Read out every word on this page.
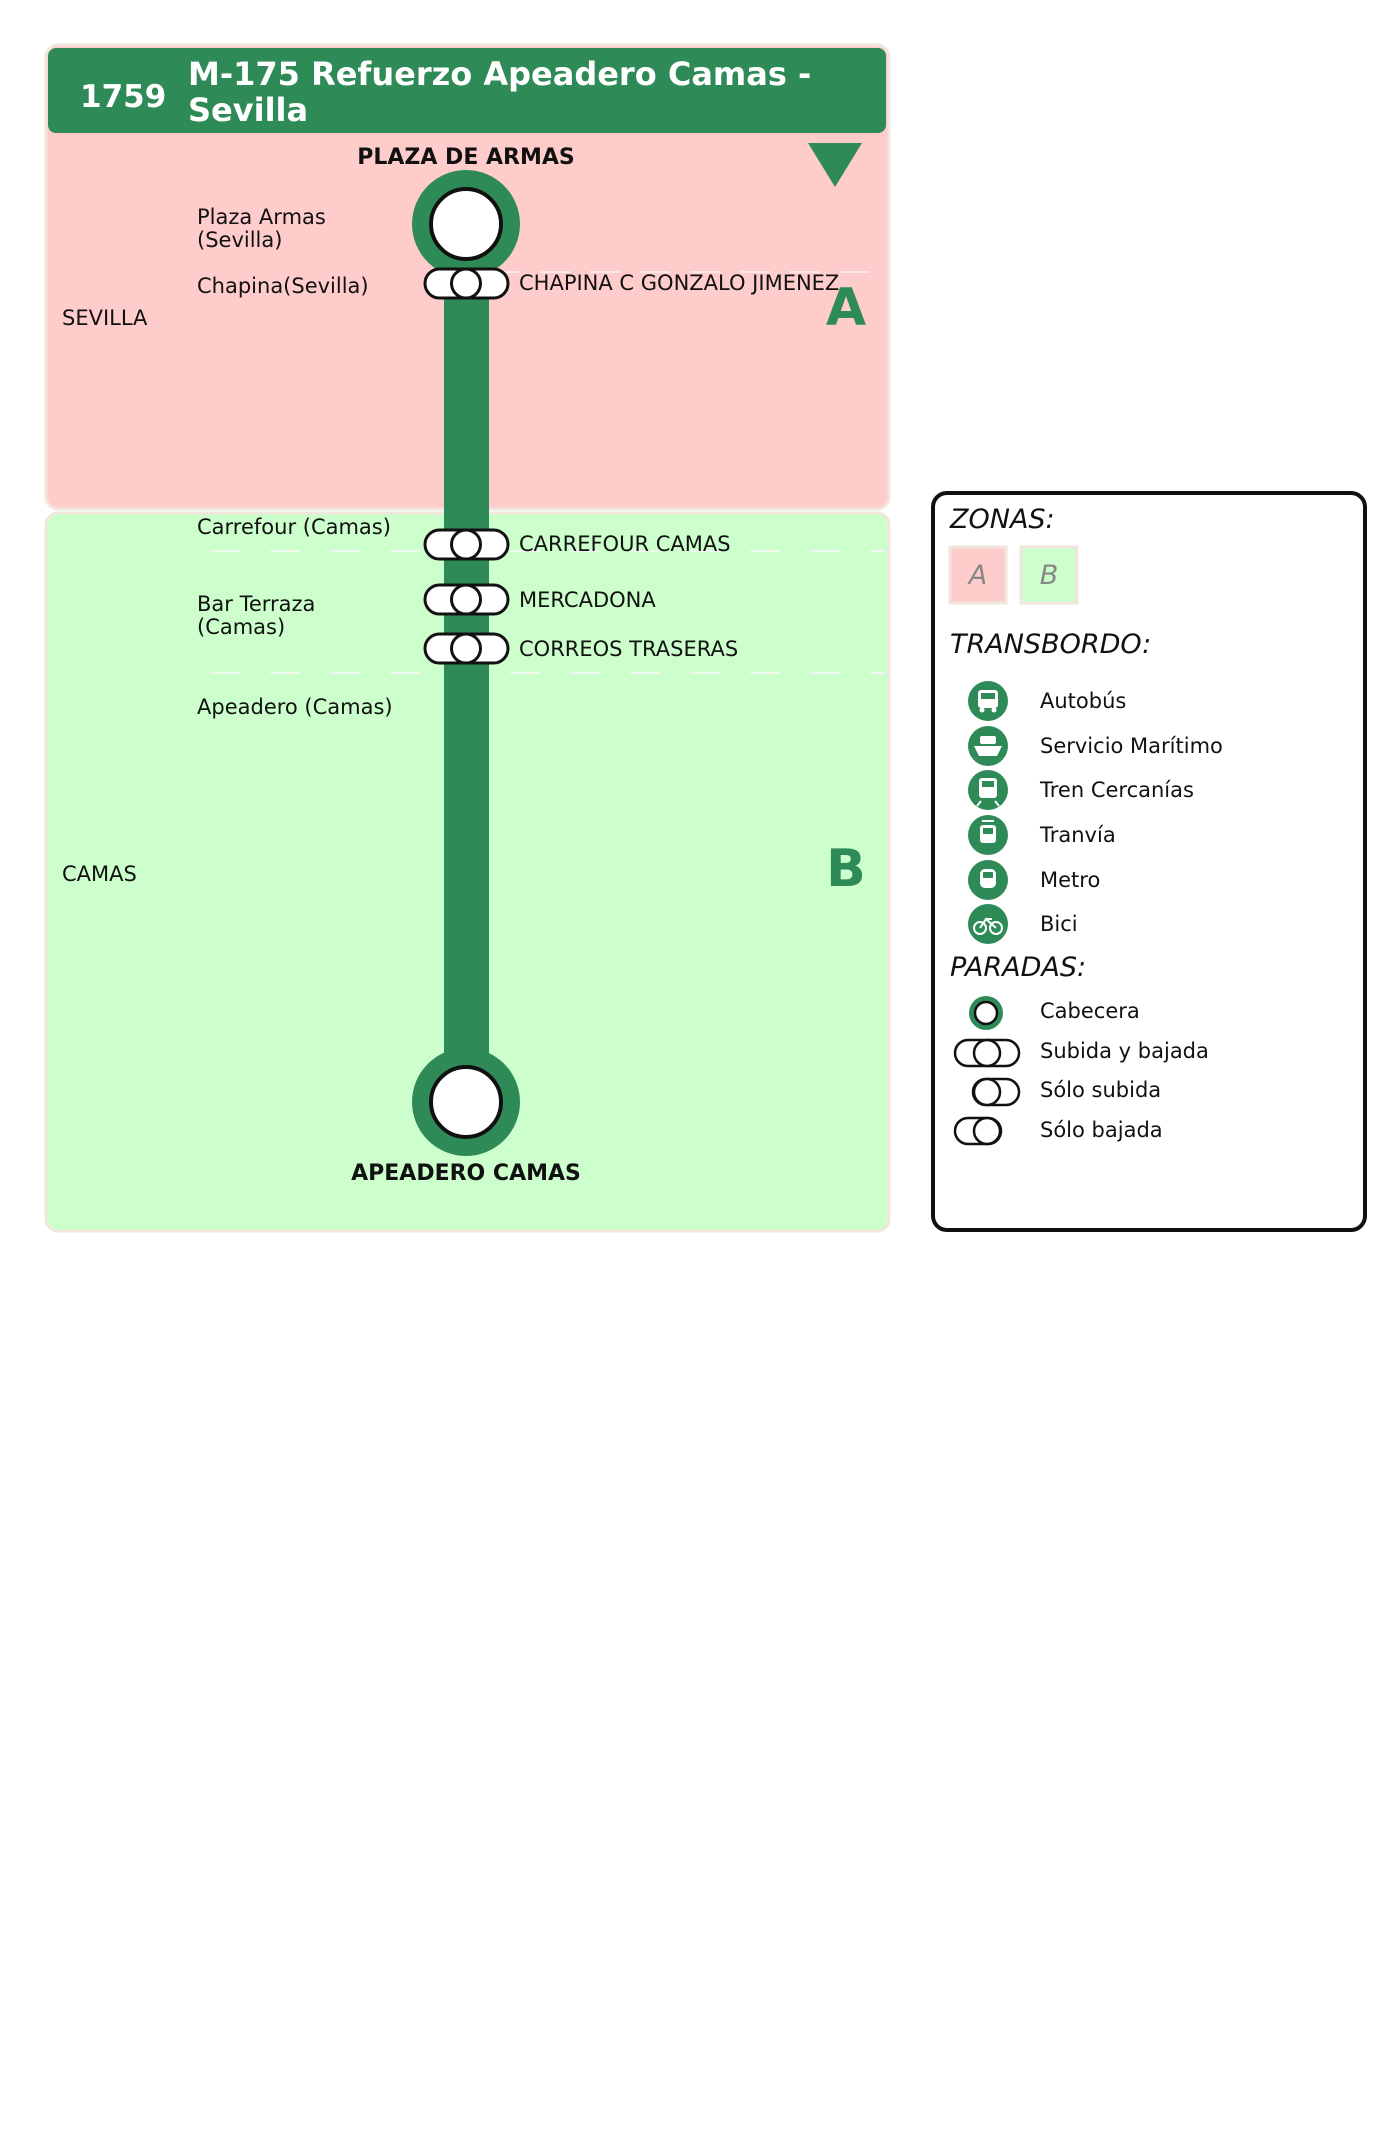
1759
M-175 Refuerzo Apeadero Camas -
Sevilla
A
B
SEVILLA
CAMAS
PLAZA DE ARMAS
APEADERO CAMAS
Plaza Armas
(Sevilla)
Chapina(Sevilla)	CHAPINA C GONZALO JIMENEZ
Carrefour (Camas)
CARREFOUR CAMAS
Bar Terraza
(Camas)
MERCADONA
CORREOS TRASERAS
Apeadero (Camas)
ZONAS:
A B
TRANSBORDO:
Autobús
Servicio Marítimo
Tren Cercanías
Tranvía
Metro
Bici
PARADAS:
Cabecera
Subida y bajada
Sólo subida
Sólo bajada
